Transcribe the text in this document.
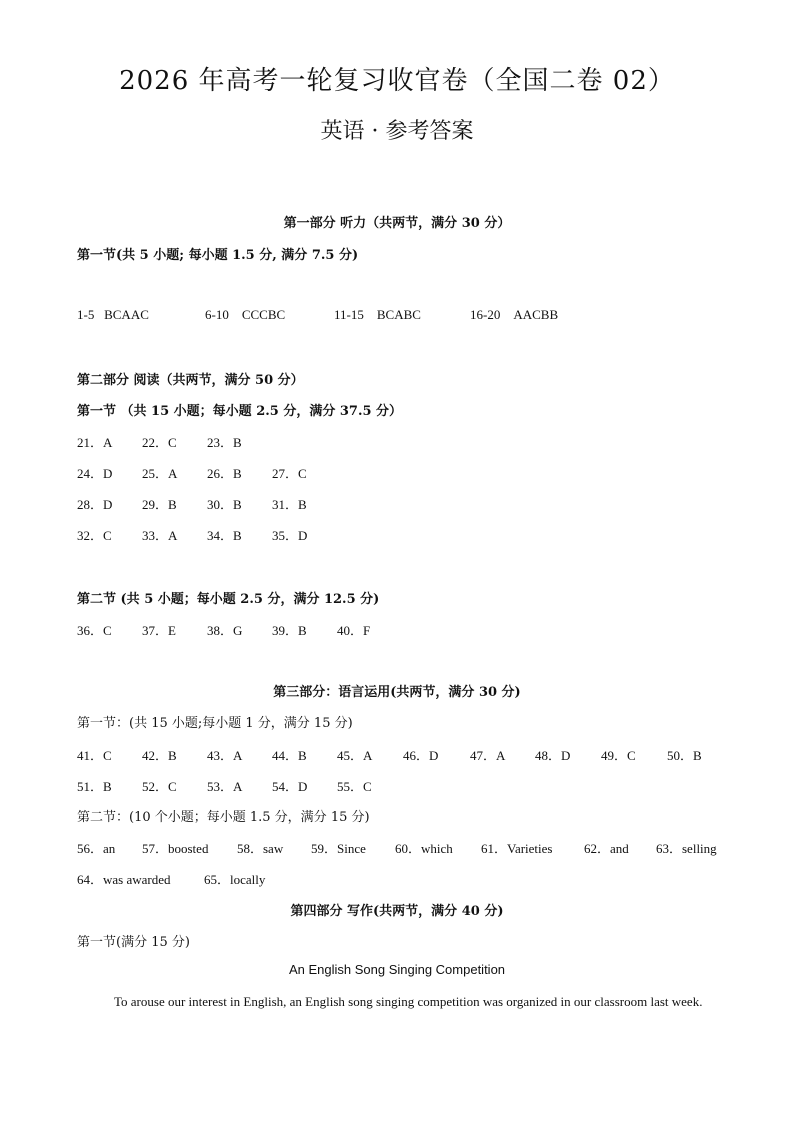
2026 年高考一轮复习收官卷（全国二卷 02）
英语 · 参考答案
第一部分 听力（共两节，满分 30 分）
第一节(共 5 小题; 每小题 1.5 分, 满分 7.5 分)
1-5 BCAAC	6-10 CCCBC	11-15 BCABC	16-20 AACBB
第二部分 阅读（共两节，满分 50 分）
第一节 （共 15 小题；每小题 2.5 分，满分 37.5 分）
21．A 22．C 23．B
24．D 25．A 26．B 27．C
28．D 29．B 30．B 31．B
32．C 33．A 34．B 35．D
第二节 (共 5 小题；每小题 2.5 分，满分 12.5 分)
36．C 37．E 38．G 39．B 40．F
第三部分：语言运用(共两节，满分 30 分)
第一节：(共 15 小题;每小题 1 分，满分 15 分)
41．C 42．B 43．A 44．B 45．A 46．D 47．A 48．D 49．C 50．B
51．B 52．C 53．A 54．D 55．C
第二节：(10 个小题；每小题 1.5 分，满分 15 分)
56．an 57．boosted 58．saw 59．Since 60．which 61．Varieties 62．and 63．selling
64．was awarded	65．locally
第四部分 写作(共两节，满分 40 分)
第一节(满分 15 分)
An English Song Singing Competition
To arouse our interest in English, an English song singing competition was organized in our classroom last week.
